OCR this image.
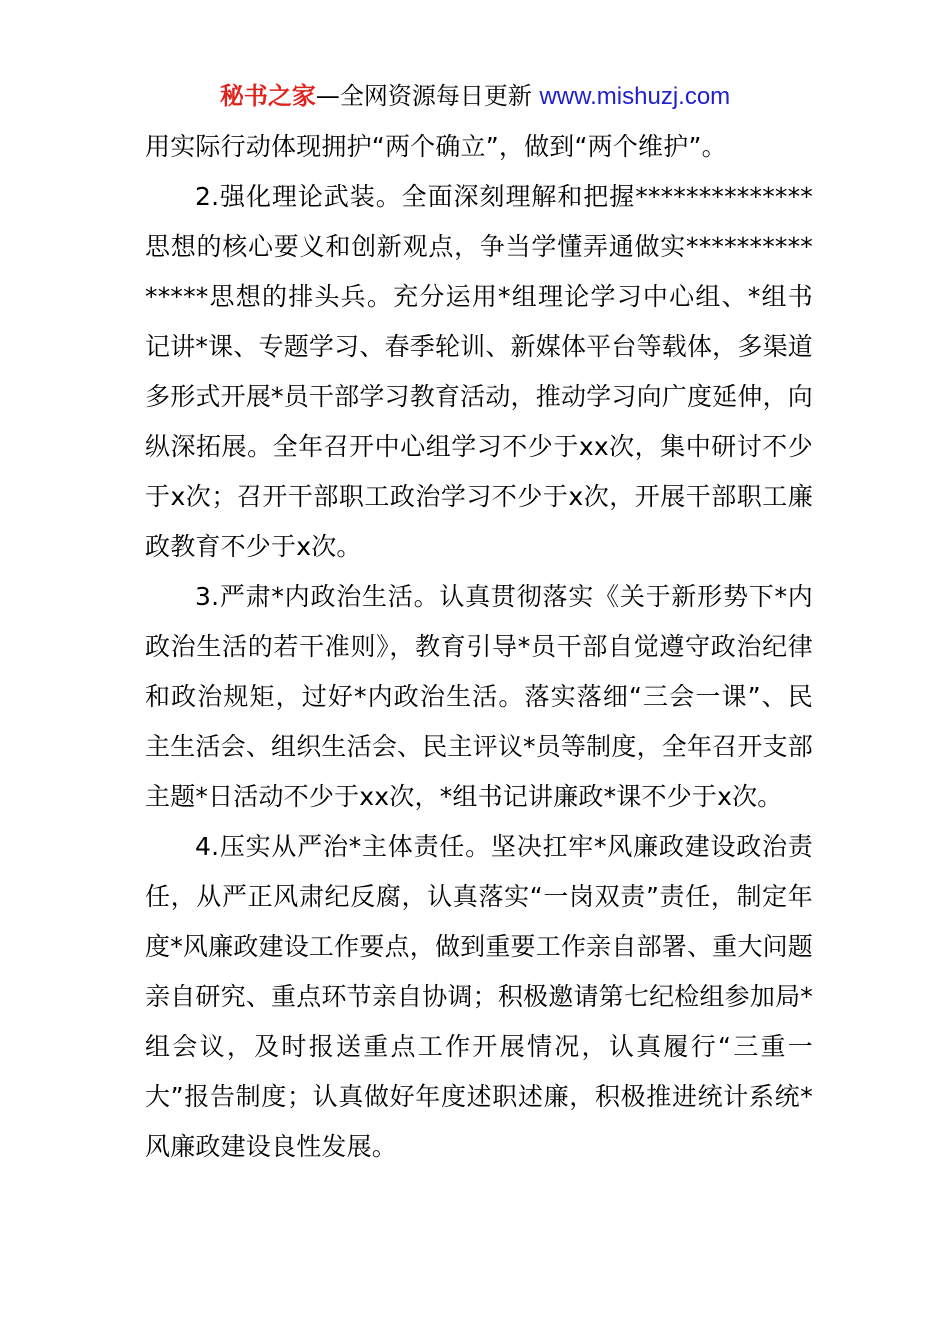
秘书之家—全网资源每日更新 www.mishuzj.com

用实际行动体现拥护“两个确立”，做到“两个维护”。

2.强化理论武装。全面深刻理解和把握**************思想的核心要义和创新观点，争当学懂弄通做实***************思想的排头兵。充分运用*组理论学习中心组、*组书记讲*课、专题学习、春季轮训、新媒体平台等载体，多渠道多形式开展*员干部学习教育活动，推动学习向广度延伸，向纵深拓展。全年召开中心组学习不少于xx次，集中研讨不少于x次；召开干部职工政治学习不少于x次，开展干部职工廉政教育不少于x次。

3.严肃*内政治生活。认真贯彻落实《关于新形势下*内政治生活的若干准则》，教育引导*员干部自觉遵守政治纪律和政治规矩，过好*内政治生活。落实落细“三会一课”、民主生活会、组织生活会、民主评议*员等制度，全年召开支部主题*日活动不少于xx次，*组书记讲廉政*课不少于x次。

4.压实从严治*主体责任。坚决扛牢*风廉政建设政治责任，从严正风肃纪反腐，认真落实“一岗双责”责任，制定年度*风廉政建设工作要点，做到重要工作亲自部署、重大问题亲自研究、重点环节亲自协调；积极邀请第七纪检组参加局*组会议，及时报送重点工作开展情况，认真履行“三重一大”报告制度；认真做好年度述职述廉，积极推进统计系统*风廉政建设良性发展。
